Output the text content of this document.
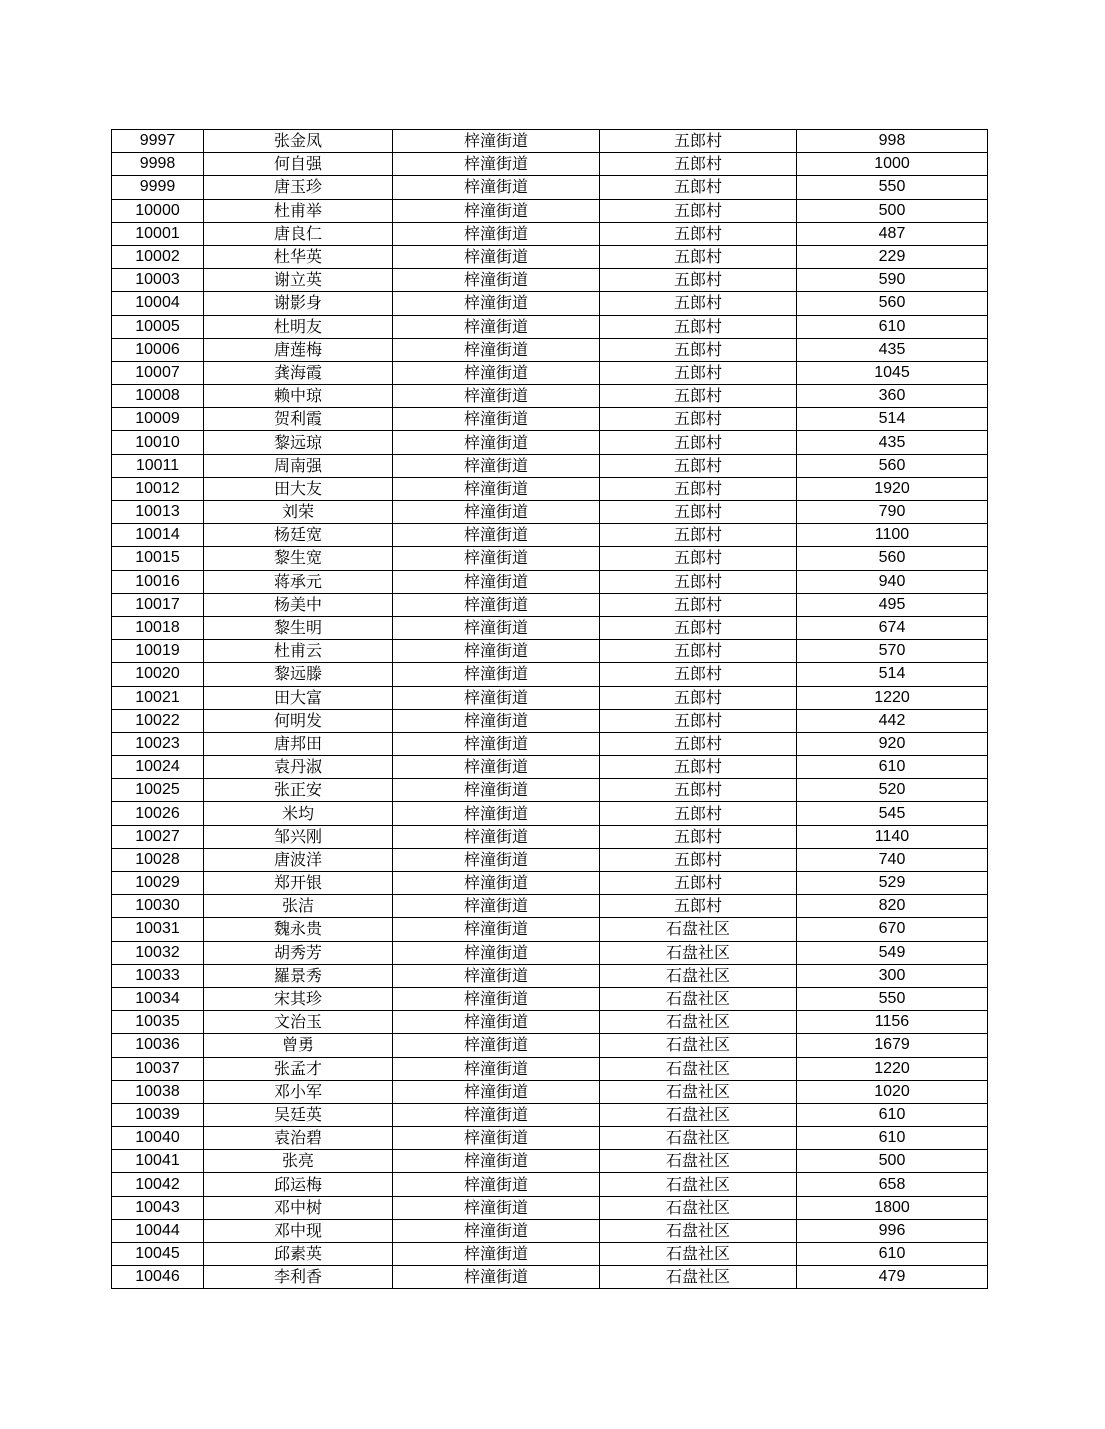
9997	张金凤	梓潼街道	五郎村	998
9998	何自强	梓潼街道	五郎村	1000
9999	唐玉珍	梓潼街道	五郎村	550
10000	杜甫举	梓潼街道	五郎村	500
10001	唐良仁	梓潼街道	五郎村	487
10002	杜华英	梓潼街道	五郎村	229
10003	谢立英	梓潼街道	五郎村	590
10004	谢影身	梓潼街道	五郎村	560
10005	杜明友	梓潼街道	五郎村	610
10006	唐莲梅	梓潼街道	五郎村	435
10007	龚海霞	梓潼街道	五郎村	1045
10008	赖中琼	梓潼街道	五郎村	360
10009	贺利霞	梓潼街道	五郎村	514
10010	黎远琼	梓潼街道	五郎村	435
10011	周南强	梓潼街道	五郎村	560
10012	田大友	梓潼街道	五郎村	1920
10013	刘荣	梓潼街道	五郎村	790
10014	杨廷宽	梓潼街道	五郎村	1100
10015	黎生宽	梓潼街道	五郎村	560
10016	蒋承元	梓潼街道	五郎村	940
10017	杨美中	梓潼街道	五郎村	495
10018	黎生明	梓潼街道	五郎村	674
10019	杜甫云	梓潼街道	五郎村	570
10020	黎远滕	梓潼街道	五郎村	514
10021	田大富	梓潼街道	五郎村	1220
10022	何明发	梓潼街道	五郎村	442
10023	唐邦田	梓潼街道	五郎村	920
10024	袁丹淑	梓潼街道	五郎村	610
10025	张正安	梓潼街道	五郎村	520
10026	米均	梓潼街道	五郎村	545
10027	邹兴刚	梓潼街道	五郎村	1140
10028	唐波洋	梓潼街道	五郎村	740
10029	郑开银	梓潼街道	五郎村	529
10030	张洁	梓潼街道	五郎村	820
10031	魏永贵	梓潼街道	石盘社区	670
10032	胡秀芳	梓潼街道	石盘社区	549
10033	羅景秀	梓潼街道	石盘社区	300
10034	宋其珍	梓潼街道	石盘社区	550
10035	文治玉	梓潼街道	石盘社区	1156
10036	曾勇	梓潼街道	石盘社区	1679
10037	张孟才	梓潼街道	石盘社区	1220
10038	邓小军	梓潼街道	石盘社区	1020
10039	吴廷英	梓潼街道	石盘社区	610
10040	袁治碧	梓潼街道	石盘社区	610
10041	张亮	梓潼街道	石盘社区	500
10042	邱运梅	梓潼街道	石盘社区	658
10043	邓中树	梓潼街道	石盘社区	1800
10044	邓中现	梓潼街道	石盘社区	996
10045	邱素英	梓潼街道	石盘社区	610
10046	李利香	梓潼街道	石盘社区	479
